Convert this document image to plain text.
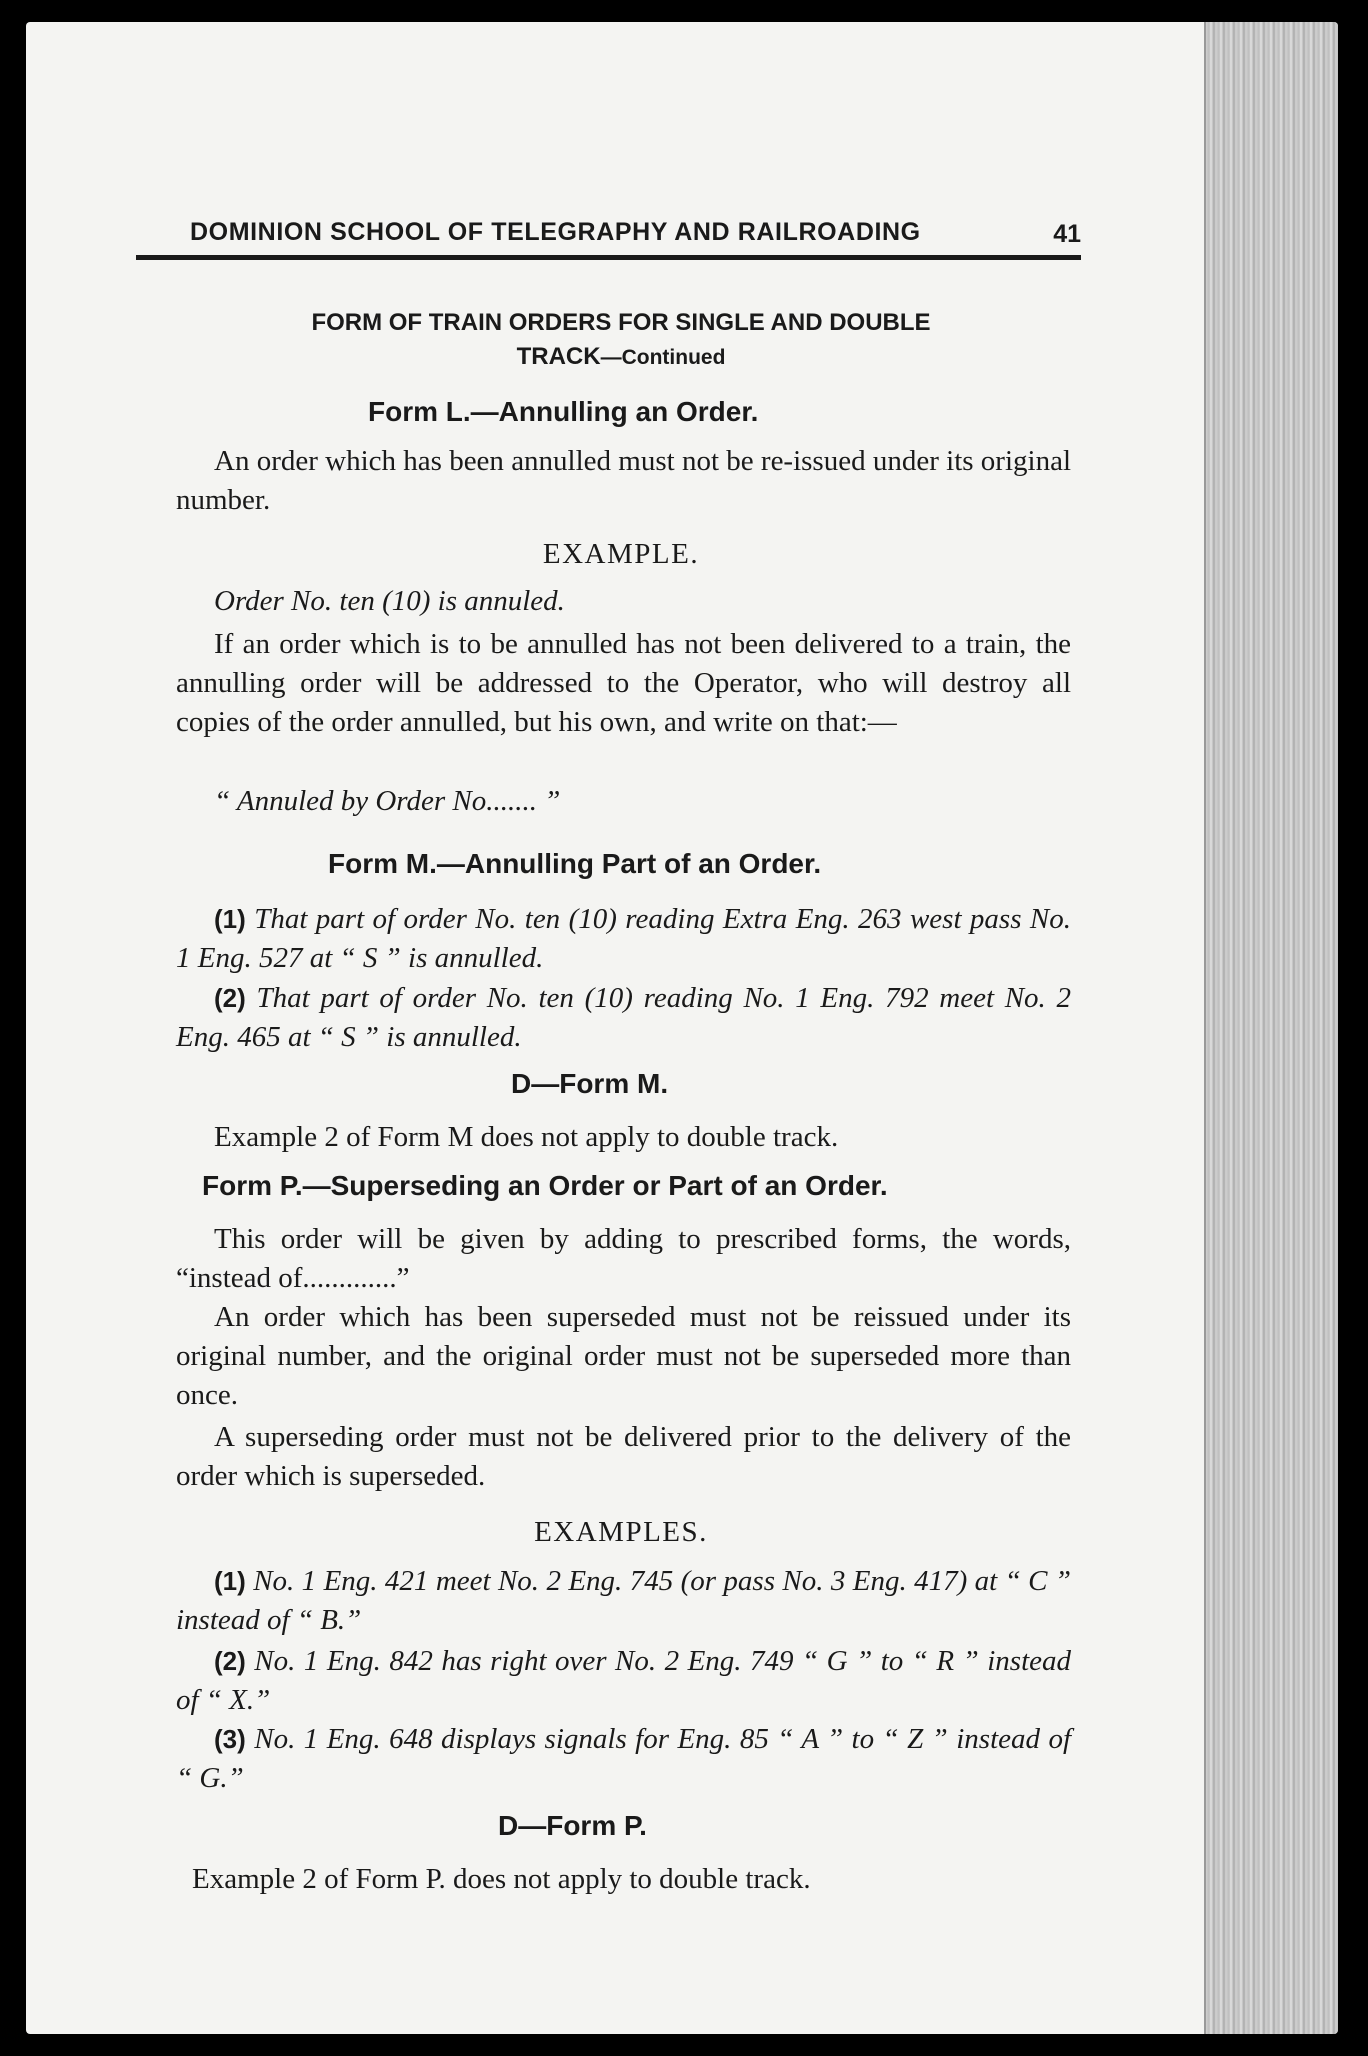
DOMINION SCHOOL OF TELEGRAPHY AND RAILROADING	41
FORM OF TRAIN ORDERS FOR SINGLE AND DOUBLE
TRACK—Continued
Form L.—Annulling an Order.
An order which has been annulled must not be re-issued under its original number.
EXAMPLE.
Order No. ten (10) is annuled.
If an order which is to be annulled has not been delivered to a train, the annulling order will be addressed to the Operator, who will destroy all copies of the order annulled, but his own, and write on that:—
“ Annuled by Order No....... ”
Form M.—Annulling Part of an Order.
(1) That part of order No. ten (10) reading Extra Eng. 263 west pass No. 1 Eng. 527 at “ S ” is annulled.
(2) That part of order No. ten (10) reading No. 1 Eng. 792 meet No. 2 Eng. 465 at “ S ” is annulled.
D—Form M.
Example 2 of Form M does not apply to double track.
Form P.—Superseding an Order or Part of an Order.
This order will be given by adding to prescribed forms, the words, “instead of.............”
An order which has been superseded must not be reissued under its original number, and the original order must not be superseded more than once.
A superseding order must not be delivered prior to the delivery of the order which is superseded.
EXAMPLES.
(1) No. 1 Eng. 421 meet No. 2 Eng. 745 (or pass No. 3 Eng. 417) at “ C ” instead of “ B.”
(2) No. 1 Eng. 842 has right over No. 2 Eng. 749 “ G ” to “ R ” instead of “ X.”
(3) No. 1 Eng. 648 displays signals for Eng. 85 “ A ” to “ Z ” instead of “ G.”
D—Form P.
Example 2 of Form P. does not apply to double track.
